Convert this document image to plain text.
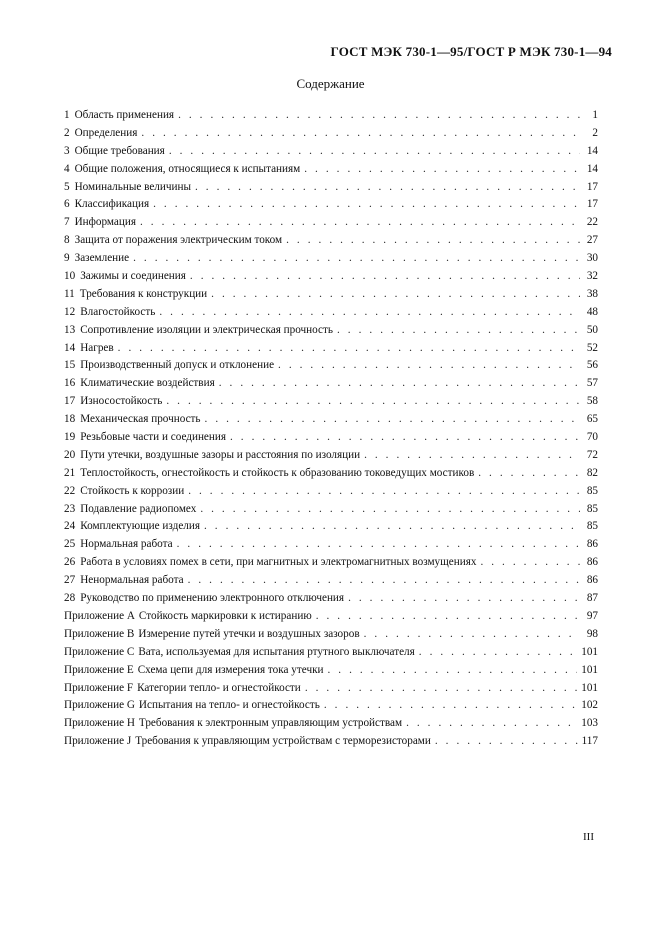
ГОСТ МЭК 730-1—95/ГОСТ Р МЭК 730-1—94
Содержание
1 Область применения . . .	1
2 Определения . . .	2
3 Общие требования . . .	14
4 Общие положения, относящиеся к испытаниям . . .	14
5 Номинальные величины . . .	17
6 Классификация . . .	17
7 Информация . . .	22
8 Защита от поражения электрическим током . . .	27
9 Заземление . . .	30
10 Зажимы и соединения . . .	32
11 Требования к конструкции . . .	38
12 Влагостойкость . . .	48
13 Сопротивление изоляции и электрическая прочность . . .	50
14 Нагрев . . .	52
15 Производственный допуск и отклонение . . .	56
16 Климатические воздействия . . .	57
17 Износостойкость . . .	58
18 Механическая прочность . . .	65
19 Резьбовые части и соединения . . .	70
20 Пути утечки, воздушные зазоры и расстояния по изоляции . . .	72
21 Теплостойкость, огнестойкость и стойкость к образованию токоведущих мостиков . . .	82
22 Стойкость к коррозии . . .	85
23 Подавление радиопомех . . .	85
24 Комплектующие изделия . . .	85
25 Нормальная работа . . .	86
26 Работа в условиях помех в сети, при магнитных и электромагнитных возмущениях . . .	86
27 Ненормальная работа . . .	86
28 Руководство по применению электронного отключения . . .	87
Приложение A Стойкость маркировки к истиранию . . .	97
Приложение B Измерение путей утечки и воздушных зазоров . . .	98
Приложение C Вата, используемая для испытания ртутного выключателя . . .	101
Приложение E Схема цепи для измерения тока утечки . . .	101
Приложение F Категории тепло- и огнестойкости . . .	101
Приложение G Испытания на тепло- и огнестойкость . . .	102
Приложение H Требования к электронным управляющим устройствам . . .	103
Приложение J Требования к управляющим устройствам с терморезисторами . . .	117
III
